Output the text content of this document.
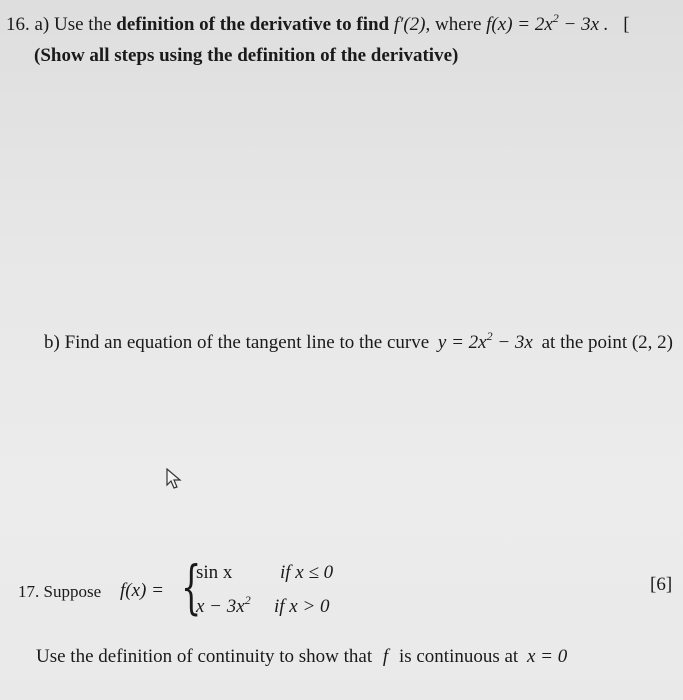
16. a) Use the definition of the derivative to find f′(2), where $f(x) = 2x^2 - 3x$ . [
(Show all steps using the definition of the derivative)
b) Find an equation of the tangent line to the curve $y = 2x^2 - 3x$ at the point (2, 2)
17. Suppose f(x) = {
sin x	if x ≤ 0
$x - 3x^2$ if x > 0
[6]
Use the definition of continuity to show that f is continuous at x = 0
